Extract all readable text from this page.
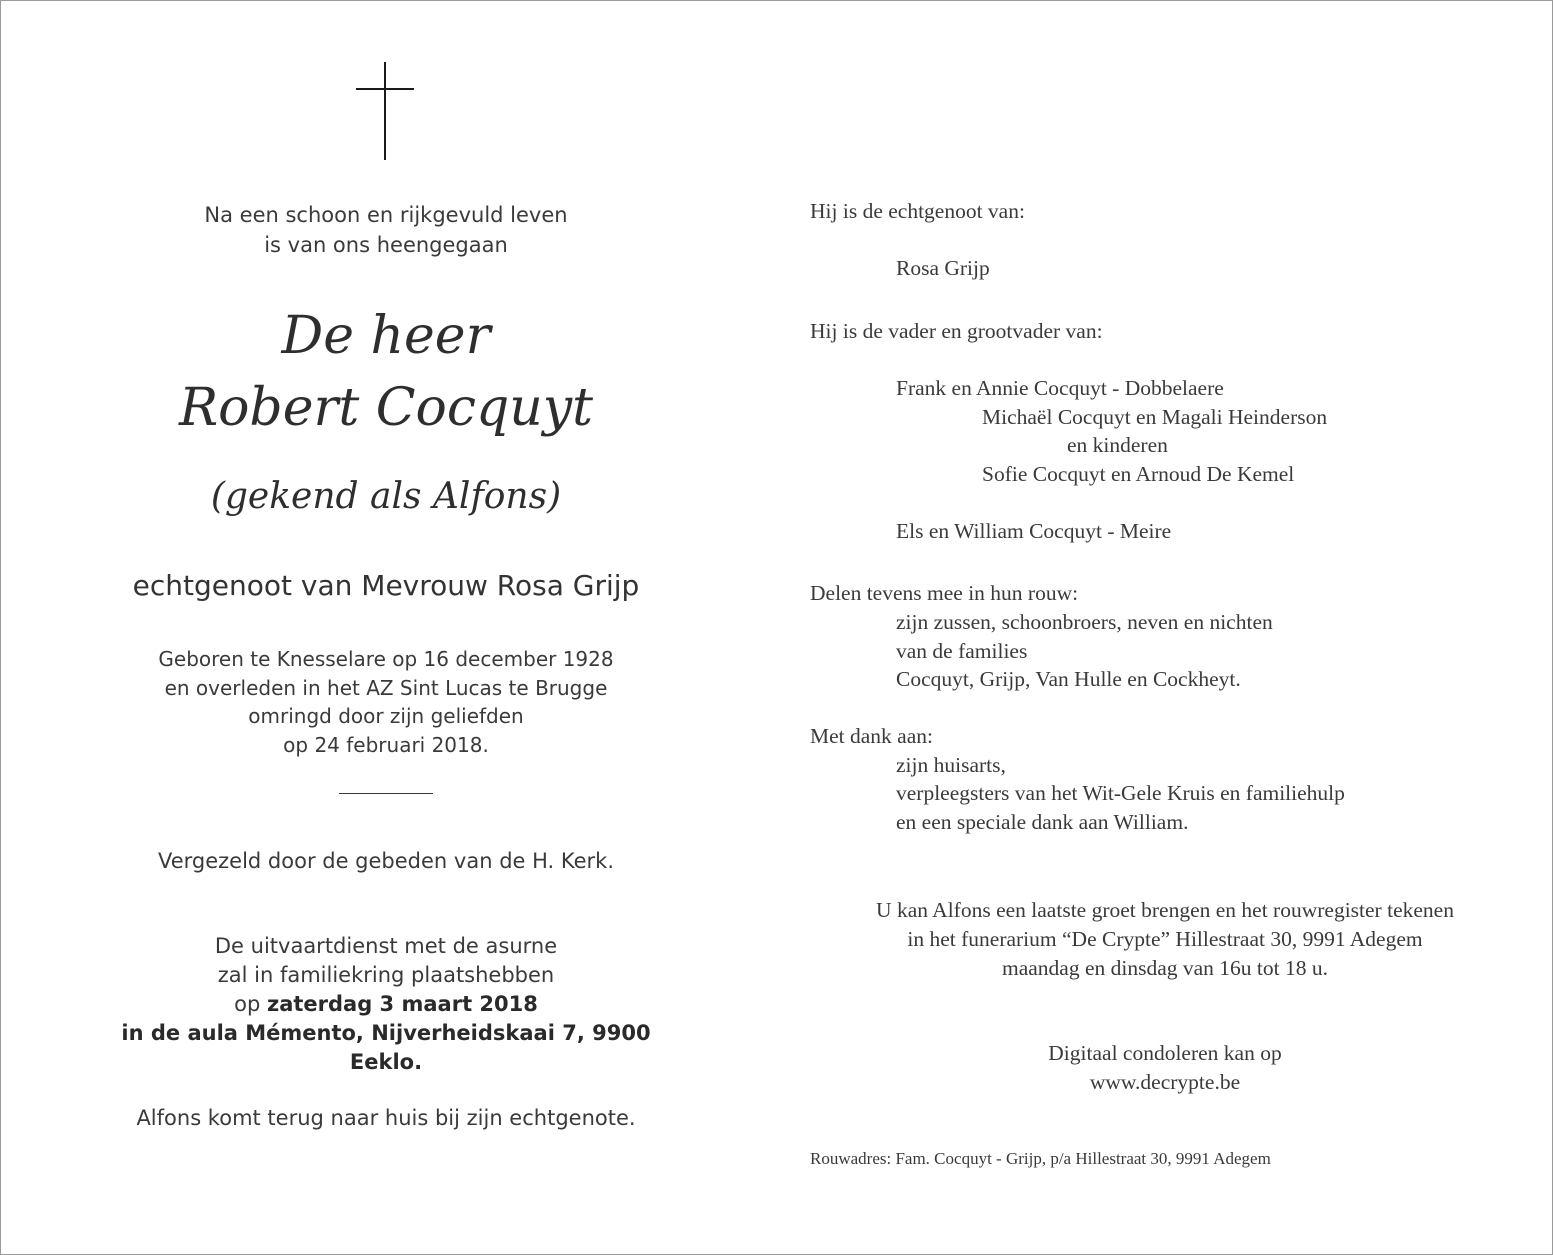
Na een schoon en rijkgevuld leven
is van ons heengegaan
De heer
Robert Cocquyt
(gekend als Alfons)
echtgenoot van Mevrouw Rosa Grijp
Geboren te Knesselare op 16 december 1928
en overleden in het AZ Sint Lucas te Brugge
omringd door zijn geliefden
op 24 februari 2018.
Vergezeld door de gebeden van de H. Kerk.
De uitvaartdienst met de asurne
zal in familiekring plaatshebben
op zaterdag 3 maart 2018
in de aula Mémento, Nijverheidskaai 7, 9900 Eeklo.
Alfons komt terug naar huis bij zijn echtgenote.
Hij is de echtgenoot van:
Rosa Grijp
Hij is de vader en grootvader van:
Frank en Annie Cocquyt - Dobbelaere
Michaël Cocquyt en Magali Heinderson
en kinderen
Sofie Cocquyt en Arnoud De Kemel
Els en William Cocquyt - Meire
Delen tevens mee in hun rouw:
zijn zussen, schoonbroers, neven en nichten
van de families
Cocquyt, Grijp, Van Hulle en Cockheyt.
Met dank aan:
zijn huisarts,
verpleegsters van het Wit-Gele Kruis en familiehulp
en een speciale dank aan William.
U kan Alfons een laatste groet brengen en het rouwregister tekenen
in het funerarium “De Crypte” Hillestraat 30, 9991 Adegem
maandag en dinsdag van 16u tot 18 u.
Digitaal condoleren kan op
www.decrypte.be
Rouwadres: Fam. Cocquyt - Grijp, p/a Hillestraat 30, 9991 Adegem
